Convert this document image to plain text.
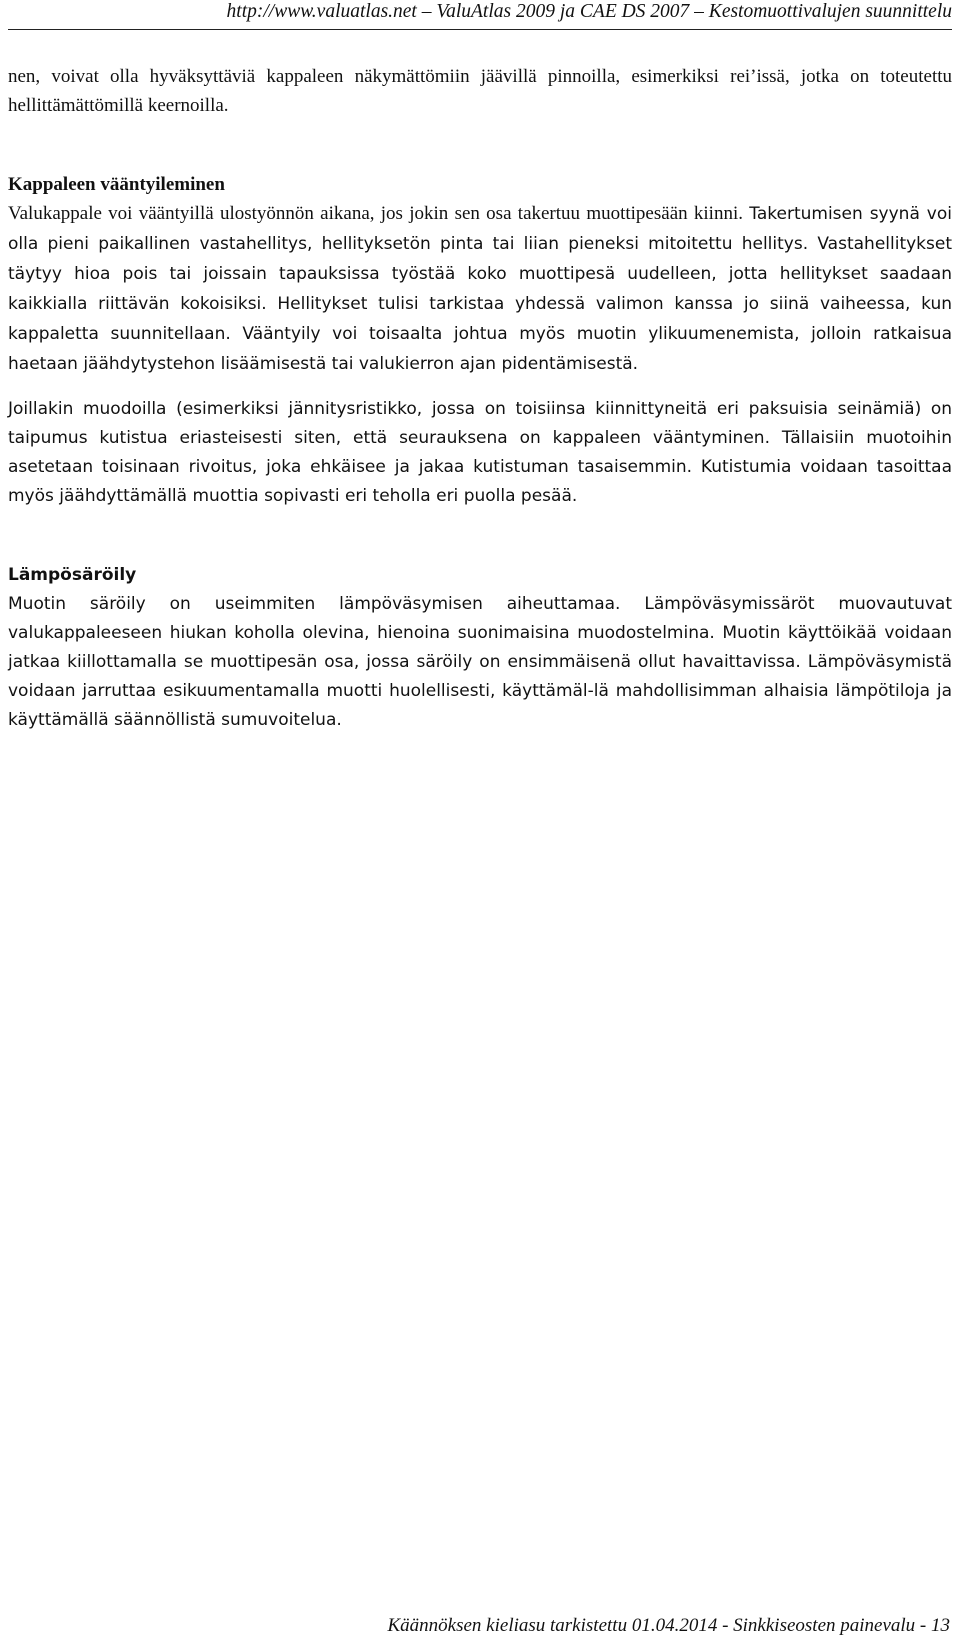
http://www.valuatlas.net – ValuAtlas 2009 ja CAE DS 2007 – Kestomuottivalujen suunnittelu

nen, voivat olla hyväksyttäviä kappaleen näkymättömiin jäävillä pinnoilla, esimerkiksi rei’issä, jotka on toteutettu hellittämättömillä keernoilla.

Kappaleen vääntyileminen

Valukappale voi vääntyillä ulostyönnön aikana, jos jokin sen osa takertuu muottipesään kiinni. Takertumisen syynä voi olla pieni paikallinen vastahellitys, hellityksetön pinta tai liian pieneksi mitoitettu hellitys. Vastahellitykset täytyy hioa pois tai joissain tapauksissa työstää koko muottipesä uudelleen, jotta hellitykset saadaan kaikkialla riittävän kokoisiksi. Hellitykset tulisi tarkistaa yhdessä valimon kanssa jo siinä vaiheessa, kun kappaletta suunnitellaan. Vääntyily voi toisaalta johtua myös muotin ylikuumenemista, jolloin ratkaisua haetaan jäähdytystehon lisäämisestä tai valukierron ajan pidentämisestä.

Joillakin muodoilla (esimerkiksi jännitysristikko, jossa on toisiinsa kiinnittyneitä eri paksuisia seinämiä) on taipumus kutistua eriasteisesti siten, että seurauksena on kappaleen vääntyminen. Tällaisiin muotoihin asetetaan toisinaan rivoitus, joka ehkäisee ja jakaa kutistuman tasaisemmin. Kutistumia voidaan tasoittaa myös jäähdyttämällä muottia sopivasti eri teholla eri puolla pesää.

Lämpösäröily

Muotin säröily on useimmiten lämpöväsymisen aiheuttamaa. Lämpöväsymissäröt muovautuvat valukappaleeseen hiukan koholla olevina, hienoina suonimaisina muodostelmina. Muotin käyttöikää voidaan jatkaa kiillottamalla se muottipesän osa, jossa säröily on ensimmäisenä ollut havaittavissa. Lämpöväsymistä voidaan jarruttaa esikuumentamalla muotti huolellisesti, käyttämäl-lä mahdollisimman alhaisia lämpötiloja ja käyttämällä säännöllistä sumuvoitelua.

Käännöksen kieliasu tarkistettu 01.04.2014 - Sinkkiseosten painevalu - 13
